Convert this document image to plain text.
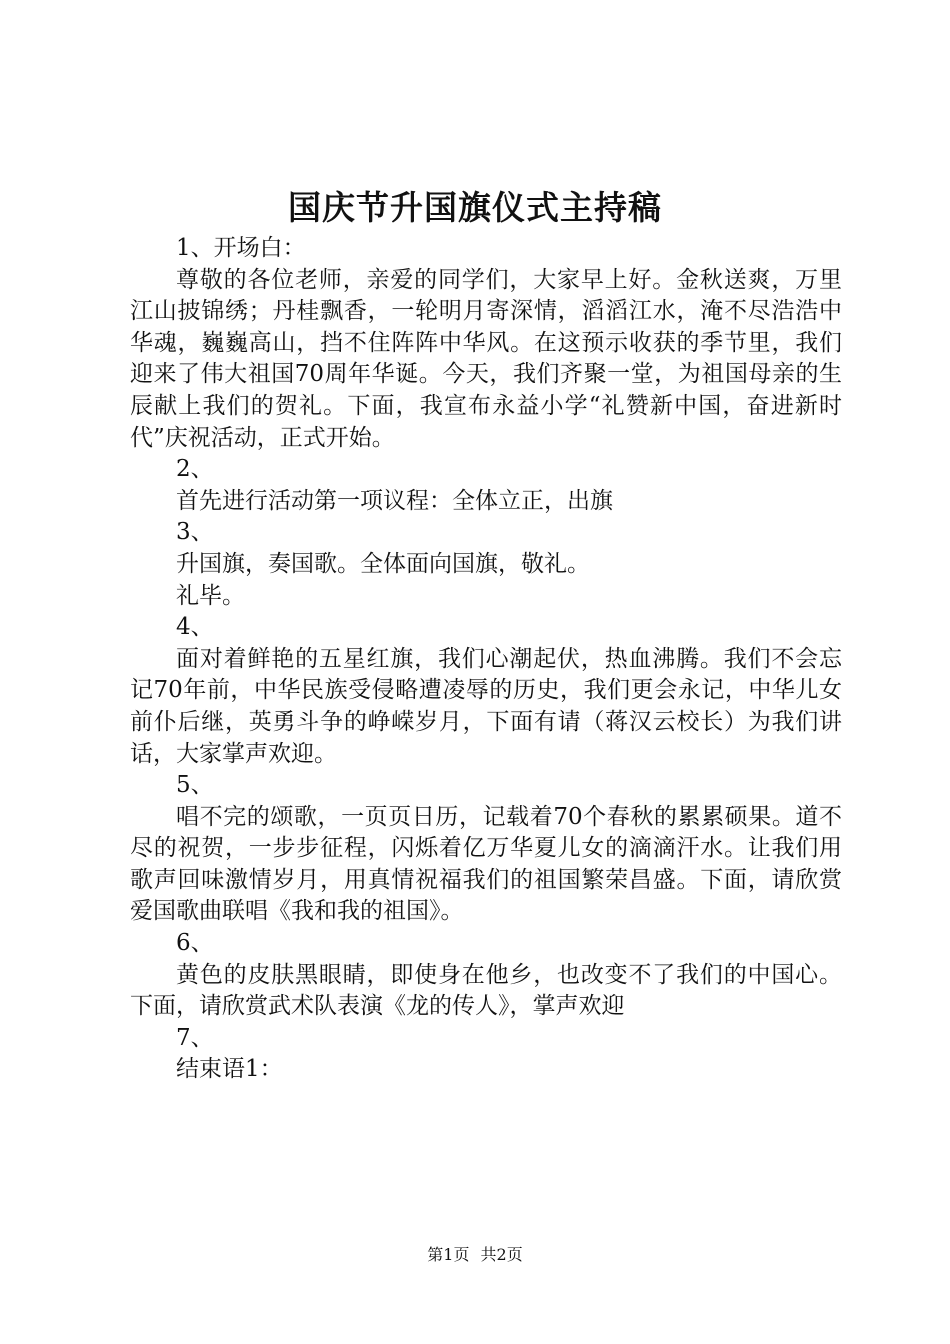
国庆节升国旗仪式主持稿

1、开场白：

尊敬的各位老师，亲爱的同学们，大家早上好。金秋送爽，万里江山披锦绣；丹桂飘香，一轮明月寄深情，滔滔江水，淹不尽浩浩中华魂，巍巍高山，挡不住阵阵中华风。在这预示收获的季节里，我们迎来了伟大祖国70周年华诞。今天，我们齐聚一堂，为祖国母亲的生辰献上我们的贺礼。下面，我宣布永益小学“礼赞新中国，奋进新时代”庆祝活动，正式开始。

2、

首先进行活动第一项议程：全体立正，出旗

3、

升国旗，奏国歌。全体面向国旗，敬礼。

礼毕。

4、

面对着鲜艳的五星红旗，我们心潮起伏，热血沸腾。我们不会忘记70年前，中华民族受侵略遭凌辱的历史，我们更会永记，中华儿女前仆后继，英勇斗争的峥嵘岁月，下面有请（蒋汉云校长）为我们讲话，大家掌声欢迎。

5、

唱不完的颂歌，一页页日历，记载着70个春秋的累累硕果。道不尽的祝贺，一步步征程，闪烁着亿万华夏儿女的滴滴汗水。让我们用歌声回味激情岁月，用真情祝福我们的祖国繁荣昌盛。下面，请欣赏爱国歌曲联唱《我和我的祖国》。

6、

黄色的皮肤黑眼睛，即使身在他乡，也改变不了我们的中国心。下面，请欣赏武术队表演《龙的传人》，掌声欢迎

7、

结束语1：

第1页 共2页
